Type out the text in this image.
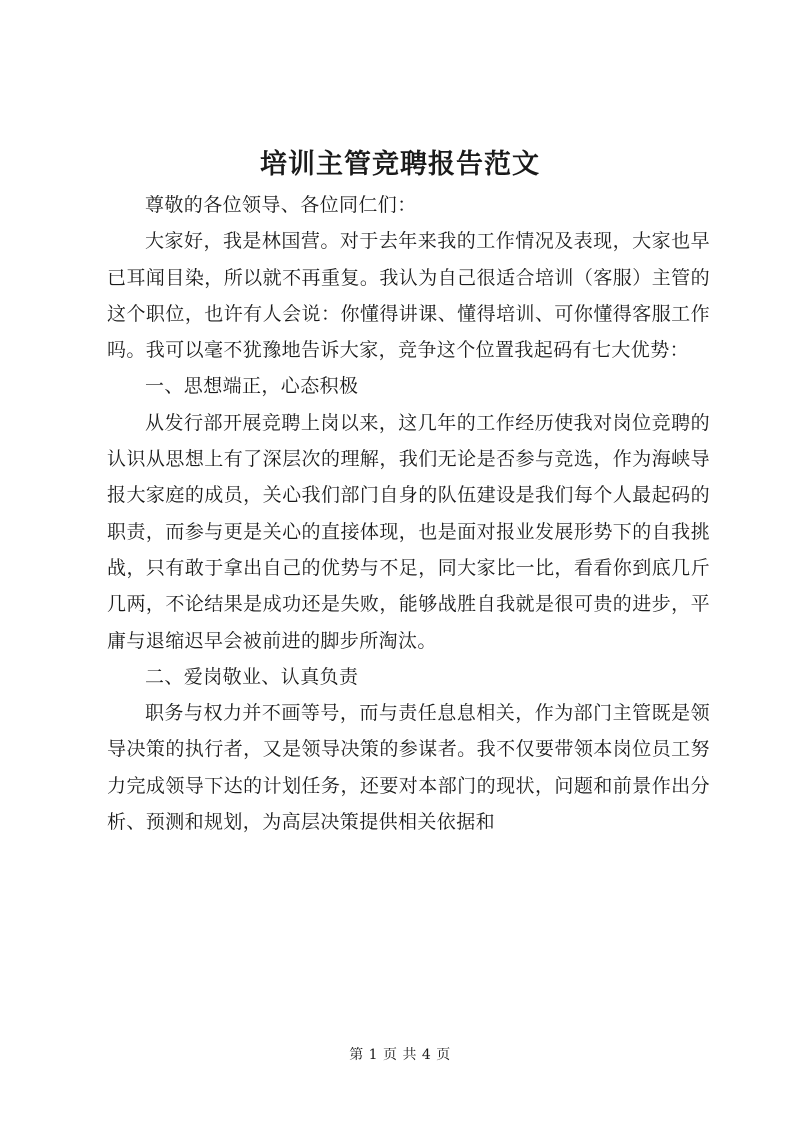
培训主管竞聘报告范文

尊敬的各位领导、各位同仁们：

大家好，我是林国营。对于去年来我的工作情况及表现，大家也早已耳闻目染，所以就不再重复。我认为自己很适合培训（客服）主管的这个职位，也许有人会说：你懂得讲课、懂得培训、可你懂得客服工作吗。我可以毫不犹豫地告诉大家，竞争这个位置我起码有七大优势：

一、思想端正，心态积极

从发行部开展竞聘上岗以来，这几年的工作经历使我对岗位竞聘的认识从思想上有了深层次的理解，我们无论是否参与竞选，作为海峡导报大家庭的成员，关心我们部门自身的队伍建设是我们每个人最起码的职责，而参与更是关心的直接体现，也是面对报业发展形势下的自我挑战，只有敢于拿出自己的优势与不足，同大家比一比，看看你到底几斤几两，不论结果是成功还是失败，能够战胜自我就是很可贵的进步，平庸与退缩迟早会被前进的脚步所淘汰。

二、爱岗敬业、认真负责

职务与权力并不画等号，而与责任息息相关，作为部门主管既是领导决策的执行者，又是领导决策的参谋者。我不仅要带领本岗位员工努力完成领导下达的计划任务，还要对本部门的现状，问题和前景作出分析、预测和规划，为高层决策提供相关依据和

第 1 页 共 4 页
